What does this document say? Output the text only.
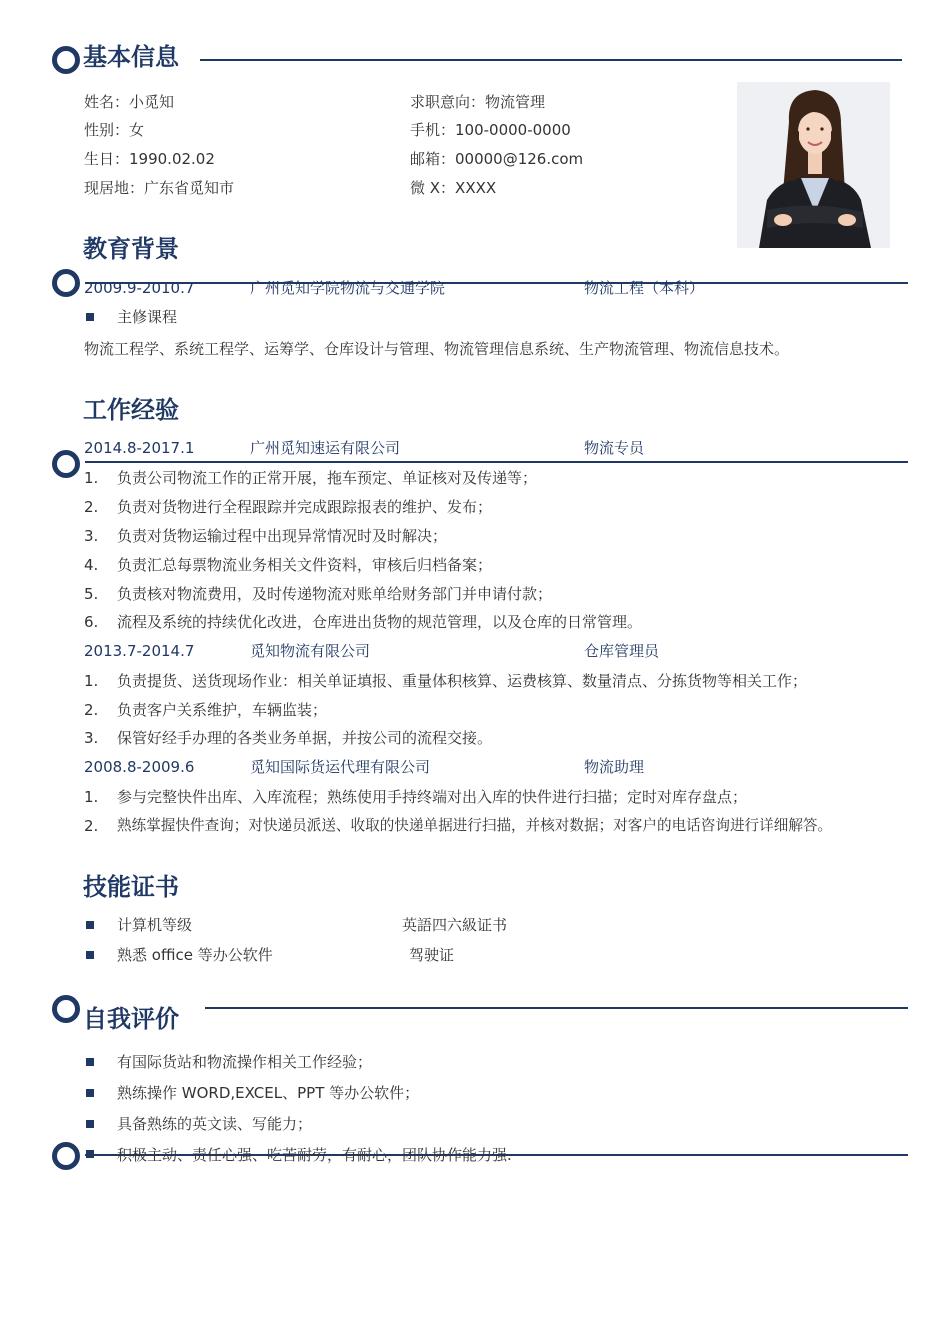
基本信息
姓名：小觅知
性别：女
生日：1990.02.02
现居地：广东省觅知市
求职意向：物流管理
手机：100-0000-0000
邮箱：00000@126.com
微 X：XXXX
教育背景
2009.9-2010.7	广州觅知学院物流与交通学院	物流工程（本科）
主修课程
物流工程学、系统工程学、运筹学、仓库设计与管理、物流管理信息系统、生产物流管理、物流信息技术。
工作经验
2014.8-2017.1	广州觅知速运有限公司	物流专员
1. 负责公司物流工作的正常开展，拖车预定、单证核对及传递等；
2. 负责对货物进行全程跟踪并完成跟踪报表的维护、发布；
3. 负责对货物运输过程中出现异常情况时及时解决；
4. 负责汇总每票物流业务相关文件资料，审核后归档备案；
5. 负责核对物流费用，及时传递物流对账单给财务部门并申请付款；
6. 流程及系统的持续优化改进，仓库进出货物的规范管理，以及仓库的日常管理。
2013.7-2014.7	觅知物流有限公司	仓库管理员
1. 负责提货、送货现场作业：相关单证填报、重量体积核算、运费核算、数量清点、分拣货物等相关工作；
2. 负责客户关系维护，车辆监装；
3. 保管好经手办理的各类业务单据，并按公司的流程交接。
2008.8-2009.6	觅知国际货运代理有限公司	物流助理
1. 参与完整快件出库、入库流程；熟练使用手持终端对出入库的快件进行扫描；定时对库存盘点；
2. 熟练掌握快件查询；对快递员派送、收取的快递单据进行扫描，并核对数据；对客户的电话咨询进行详细解答。
技能证书
计算机等级	英語四六級证书
熟悉 office 等办公软件	驾驶证
自我评价
有国际货站和物流操作相关工作经验；
熟练操作 WORD,EXCEL、PPT 等办公软件；
具备熟练的英文读、写能力；
积极主动、责任心强、吃苦耐劳，有耐心，团队协作能力强.
